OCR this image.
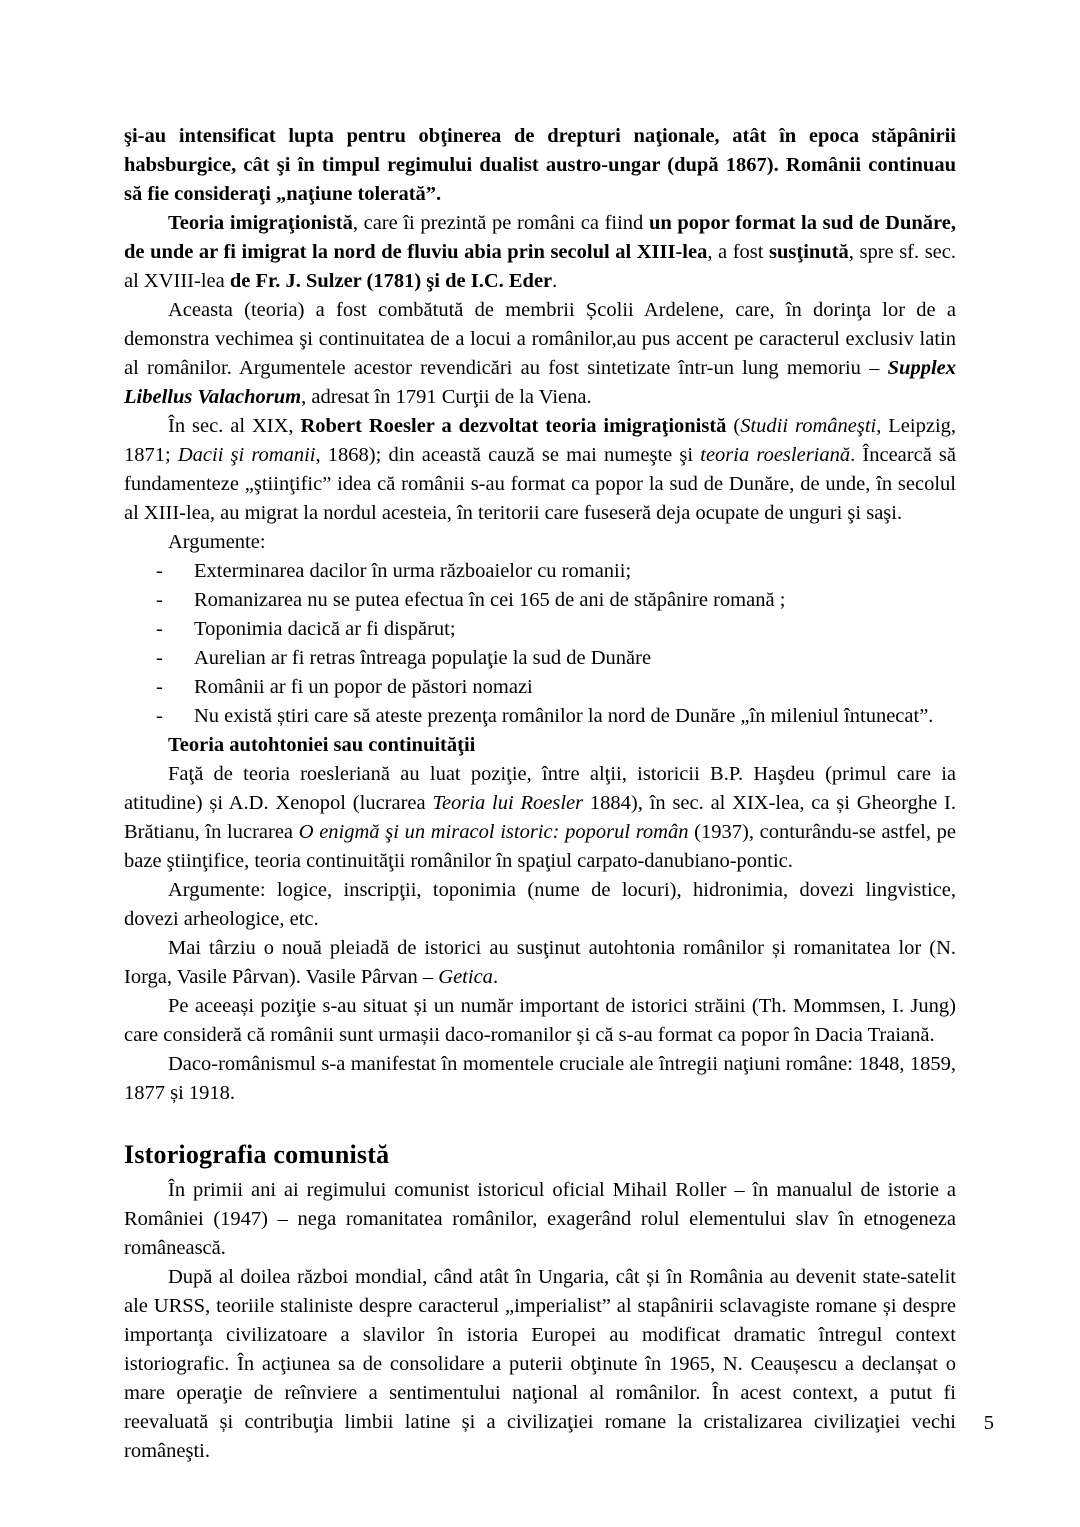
şi-au intensificat lupta pentru obţinerea de drepturi naţionale, atât în epoca stăpânirii habsburgice, cât şi în timpul regimului dualist austro-ungar (după 1867). Românii continuau să fie consideraţi „naţiune tolerată”.

Teoria imigraţionistă, care îi prezintă pe români ca fiind un popor format la sud de Dunăre, de unde ar fi imigrat la nord de fluviu abia prin secolul al XIII-lea, a fost susţinută, spre sf. sec. al XVIII-lea de Fr. J. Sulzer (1781) şi de I.C. Eder.

Aceasta (teoria) a fost combătută de membrii Școlii Ardelene, care, în dorinţa lor de a demonstra vechimea şi continuitatea de a locui a românilor,au pus accent pe caracterul exclusiv latin al românilor. Argumentele acestor revendicări au fost sintetizate într-un lung memoriu – Supplex Libellus Valachorum, adresat în 1791 Curţii de la Viena.

În sec. al XIX, Robert Roesler a dezvoltat teoria imigraţionistă (Studii româneşti, Leipzig, 1871; Dacii şi romanii, 1868); din această cauză se mai numeşte şi teoria roesleriană. Încearcă să fundamenteze „ştiinţific” idea că românii s-au format ca popor la sud de Dunăre, de unde, în secolul al XIII-lea, au migrat la nordul acesteia, în teritorii care fuseseră deja ocupate de unguri şi saşi.

Argumente:

- Exterminarea dacilor în urma războaielor cu romanii;
- Romanizarea nu se putea efectua în cei 165 de ani de stăpânire romană ;
- Toponimia dacică ar fi dispărut;
- Aurelian ar fi retras întreaga populaţie la sud de Dunăre
- Românii ar fi un popor de păstori nomazi
- Nu există știri care să ateste prezenţa românilor la nord de Dunăre „în mileniul întunecat”.

Teoria autohtoniei sau continuităţii

Faţă de teoria roesleriană au luat poziţie, între alţii, istoricii B.P. Haşdeu (primul care ia atitudine) și A.D. Xenopol (lucrarea Teoria lui Roesler 1884), în sec. al XIX-lea, ca și Gheorghe I. Brătianu, în lucrarea O enigmă şi un miracol istoric: poporul român (1937), conturându-se astfel, pe baze ştiinţifice, teoria continuităţii românilor în spaţiul carpato-danubiano-pontic.

Argumente: logice, inscripţii, toponimia (nume de locuri), hidronimia, dovezi lingvistice, dovezi arheologice, etc.

Mai târziu o nouă pleiadă de istorici au susţinut autohtonia românilor și romanitatea lor (N. Iorga, Vasile Pârvan). Vasile Pârvan – Getica.

Pe aceeași poziţie s-au situat și un număr important de istorici străini (Th. Mommsen, I. Jung) care consideră că românii sunt urmașii daco-romanilor și că s-au format ca popor în Dacia Traiană.

Daco-românismul s-a manifestat în momentele cruciale ale întregii naţiuni române: 1848, 1859, 1877 și 1918.

Istoriografia comunistă

În primii ani ai regimului comunist istoricul oficial Mihail Roller – în manualul de istorie a României (1947) – nega romanitatea românilor, exagerând rolul elementului slav în etnogeneza românească.

După al doilea război mondial, când atât în Ungaria, cât și în România au devenit state-satelit ale URSS, teoriile staliniste despre caracterul „imperialist” al stapânirii sclavagiste romane și despre importanţa civilizatoare a slavilor în istoria Europei au modificat dramatic întregul context istoriografic. În acţiunea sa de consolidare a puterii obţinute în 1965, N. Ceaușescu a declanșat o mare operaţie de reînviere a sentimentului naţional al românilor. În acest context, a putut fi reevaluată și contribuţia limbii latine și a civilizaţiei romane la cristalizarea civilizaţiei vechi româneşti.

5
